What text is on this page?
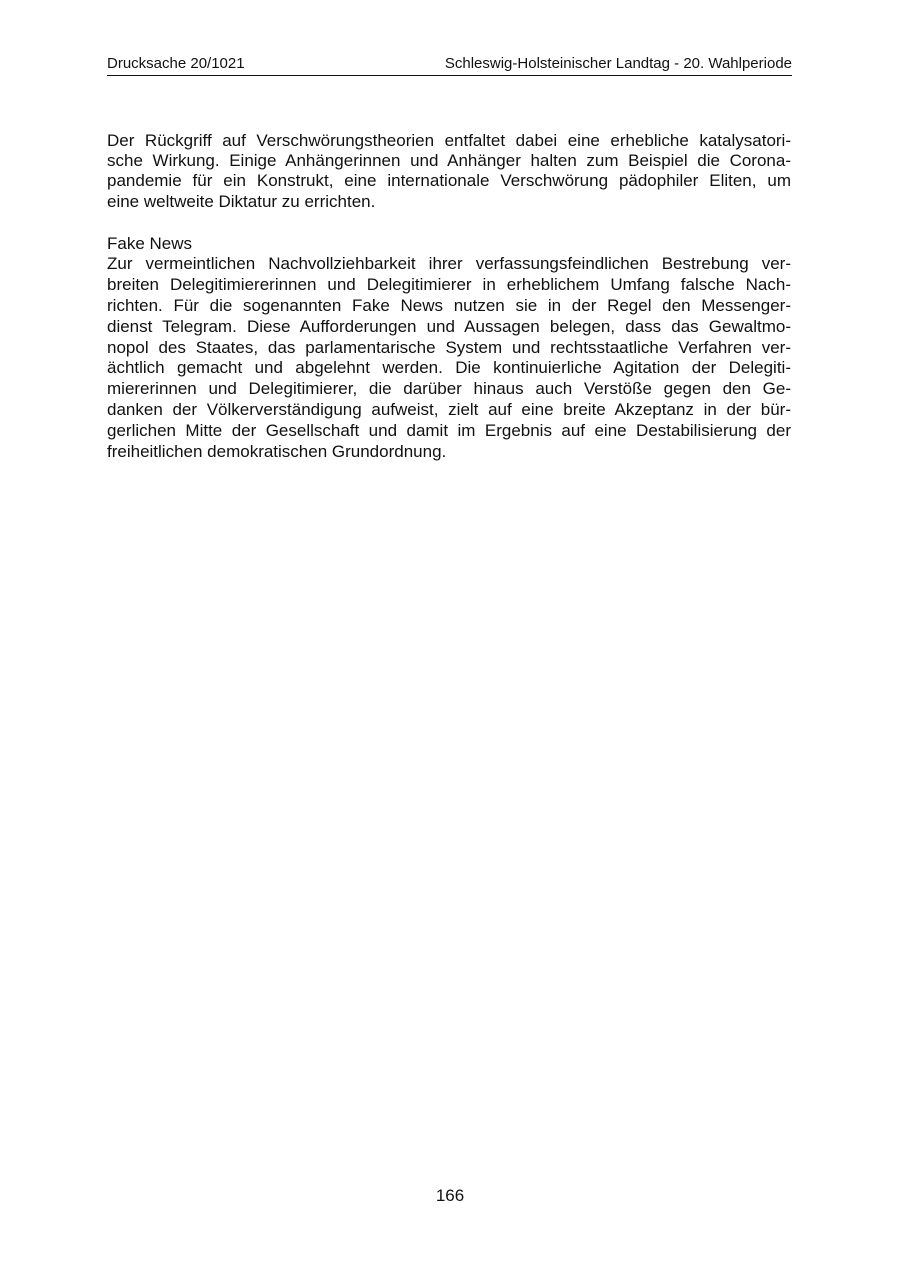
Drucksache 20/1021	Schleswig-Holsteinischer Landtag - 20. Wahlperiode
Der Rückgriff auf Verschwörungstheorien entfaltet dabei eine erhebliche katalysatori-
sche Wirkung. Einige Anhängerinnen und Anhänger halten zum Beispiel die Corona-
pandemie für ein Konstrukt, eine internationale Verschwörung pädophiler Eliten, um
eine weltweite Diktatur zu errichten.
Fake News
Zur vermeintlichen Nachvollziehbarkeit ihrer verfassungsfeindlichen Bestrebung ver-
breiten Delegitimiererinnen und Delegitimierer in erheblichem Umfang falsche Nach-
richten. Für die sogenannten Fake News nutzen sie in der Regel den Messenger-
dienst Telegram. Diese Aufforderungen und Aussagen belegen, dass das Gewaltmo-
nopol des Staates, das parlamentarische System und rechtsstaatliche Verfahren ver-
ächtlich gemacht und abgelehnt werden. Die kontinuierliche Agitation der Delegiti-
miererinnen und Delegitimierer, die darüber hinaus auch Verstöße gegen den Ge-
danken der Völkerverständigung aufweist, zielt auf eine breite Akzeptanz in der bür-
gerlichen Mitte der Gesellschaft und damit im Ergebnis auf eine Destabilisierung der
freiheitlichen demokratischen Grundordnung.
166
